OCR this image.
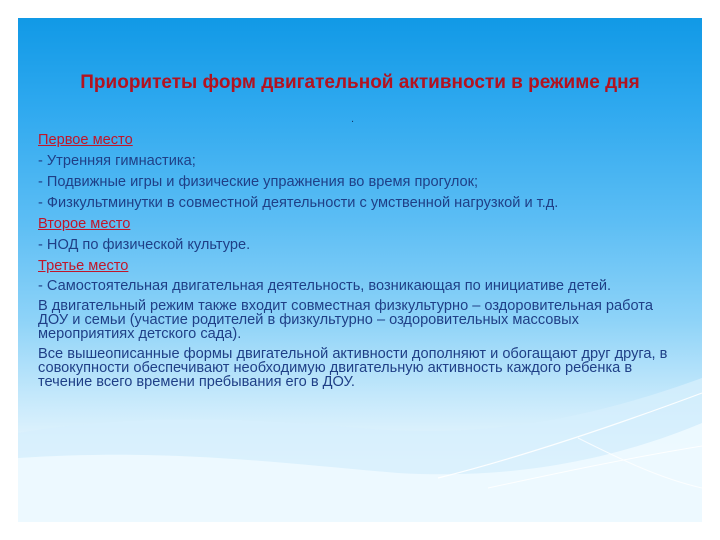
Приоритеты форм двигательной активности в режиме дня
.

Первое место

- Утренняя гимнастика;

- Подвижные игры и физические упражнения во время прогулок;

- Физкультминутки в совместной деятельности с умственной нагрузкой и т.д.

Второе место

- НОД по физической культуре.

Третье место

- Самостоятельная двигательная деятельность, возникающая по инициативе детей.

В двигательный режим также входит совместная физкультурно – оздоровительная работа ДОУ и семьи (участие родителей в физкультурно – оздоровительных массовых мероприятиях детского сада).

Все вышеописанные формы двигательной активности дополняют и обогащают друг друга, в совокупности обеспечивают необходимую двигательную активность каждого ребенка в течение всего времени пребывания его в ДОУ.
